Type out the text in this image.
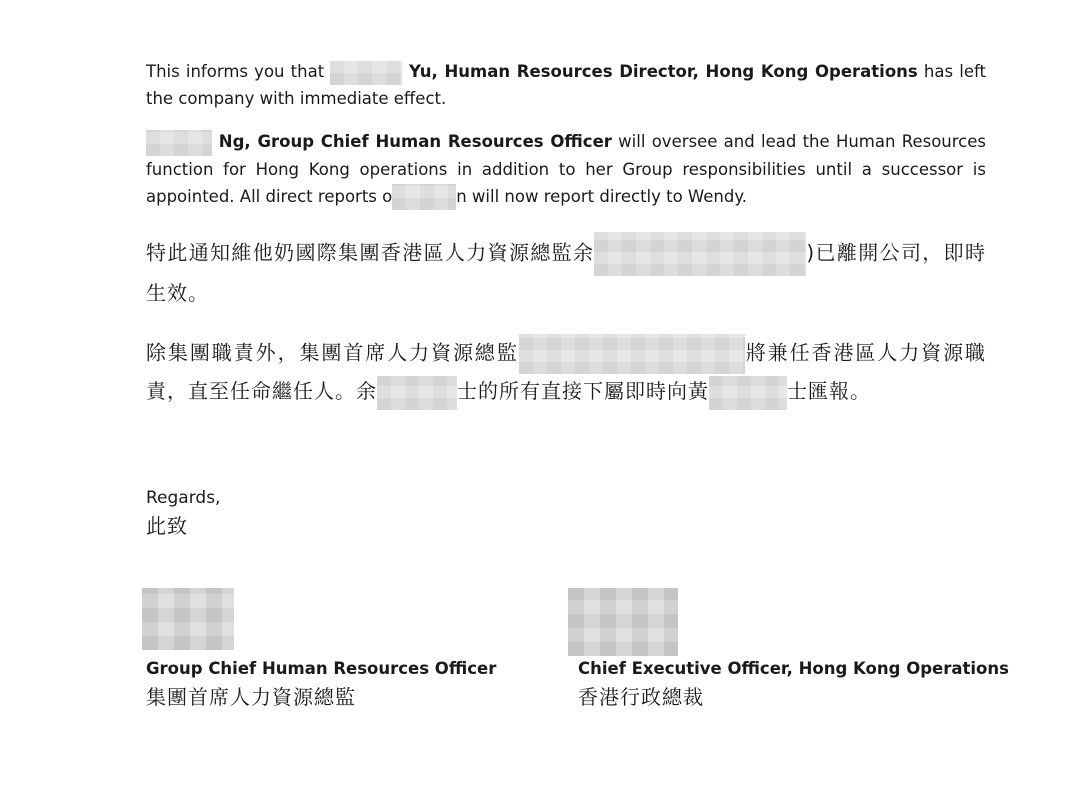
This informs you that	Yu, Human Resources Director, Hong Kong Operations has left the company with immediate effect.

Ng, Group Chief Human Resources Officer will oversee and lead the Human Resources function for Hong Kong operations in addition to her Group responsibilities until a successor is appointed. All direct reports o	n will now report directly to Wendy.

特此通知維他奶國際集團香港區人力資源總監余	)已離開公司，即時生效。

除集團職責外，集團首席人力資源總監	將兼任香港區人力資源職責，直至任命繼任人。余	士的所有直接下屬即時向黃	士匯報。

Regards,
此致
Group Chief Human Resources Officer
集團首席人力資源總監
Chief Executive Officer, Hong Kong Operations
香港行政總裁
